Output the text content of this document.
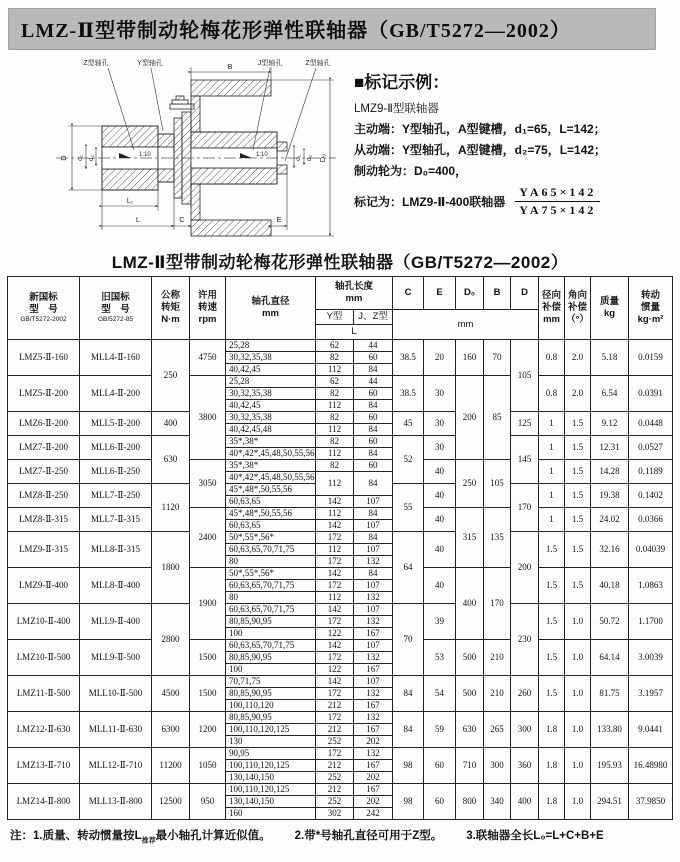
LMZ-Ⅱ型带制动轮梅花形弹性联轴器（GB/T5272—2002）
Z型轴孔	Y型轴孔	B	J型轴孔	Z型轴孔
D d₁ d₂	d₁ d₂ D₀
1:10	1:10
L₁
L	C	E
■标记示例：
LMZ9-Ⅱ型联轴器
主动端：Y型轴孔，A型键槽，d₁=65，L=142；
从动端：Y型轴孔，A型键槽，d₂=75，L=142；
制动轮为：D₀=400，
标记为：LMZ9-Ⅱ-400联轴器 $\frac{YA65\times 142}{YA75\times 142}$
LMZ-Ⅱ型带制动轮梅花形弹性联轴器（GB/T5272—2002）
新国标
型　号
GB/T5272-2002

旧国标
型　号
GB/5272-85

公称
转矩
N·m

许用
转速
rpm

轴孔直径
mm

轴孔长度
mm
	C	E	D₀	B	D	径向
补偿
mm

角向
补偿
（°）

质量
kg

转动
惯量
kg·m²

					Y型	J、Z型	mm								
					L										
LMZ5-Ⅱ-160	MLL4-Ⅱ-160	250	4750	25,28	62	44	38.5	20	160	70	105	0.8	2.0	5.18	0.0159
				30,32,35,38	82	60									
				40,42,45	112	84									
LMZ5-Ⅱ-200	MLL4-Ⅱ-200		3800	25,28	62	44	38.5	30	200	85		0.8	2.0	6.54	0.0391
				30,32,35,38	82	60									
				40,42,45	112	84									
LMZ6-Ⅱ-200	MLL5-Ⅱ-200	400		30,32,35,38	82	60	45	30			125	1	1.5	9.12	0.0448
				40,42,45,48	112	84									
LMZ7-Ⅱ-200	MLL6-Ⅱ-200	630		35*,38*	82	60	52	30			145	1	1.5	12.31	0.0527
				40*,42*,45,48,50,55,56	112	84									
LMZ7-Ⅱ-250	MLL6-Ⅱ-250		3050	35*,38*	82	60		40	250	105		1	1.5	14.28	0.1189
				40*,42*,45,48,50,55,56	112	84									
LMZ8-Ⅱ-250	MLL7-Ⅱ-250	1120		45*,48*,50,55,56			55	40			170	1	1.5	19.38	0.1402
				60,63,65	142	107									
LMZ8-Ⅱ-315	MLL7-Ⅱ-315		2400	45*,48*,50,55,56	112	84		40	315	135		1	1.5	24.02	0.0366
				60,63,65	142	107									
LMZ9-Ⅱ-315	MLL8-Ⅱ-315	1800		50*,55*,56*	172	84	64	40			200	1.5	1.5	32.16	0.04039
				60,63,65,70,71,75	112	107									
				80	172	132									
LMZ9-Ⅱ-400	MLL8-Ⅱ-400		1900	50*,55*,56*	142	84		40	400	170		1.5	1.5	40.18	1.0863
				60,63,65,70,71,75	172	107									
				80	112	132									
LMZ10-Ⅱ-400	MLL9-Ⅱ-400	2800		60,63,65,70,71,75	142	107	70	39			230	1.5	1.0	50.72	1.1700
				80,85,90,95	172	132									
				100	122	167									
LMZ10-Ⅱ-500	MLL9-Ⅱ-500		1500	60,63,65,70,71,75	142	107		53	500	210		1.5	1.0	64.14	3.0039
				80,85,90,95	172	132									
				100	122	167									
LMZ11-Ⅱ-500	MLL10-Ⅱ-500	4500	1500	70,71,75	142	107	84	54	500	210	260	1.5	1.0	81.75	3.1957
				80,85,90,95	172	132									
				100,110,120	212	167									
LMZ12-Ⅱ-630	MLL11-Ⅱ-630	6300	1200	80,85,90,95	172	132	84	59	630	265	300	1.8	1.0	133.80	9.0441
				100,110,120,125	212	167									
				130	252	202									
LMZ13-Ⅱ-710	MLL12-Ⅱ-710	11200	1050	90,95	172	132	98	60	710	300	360	1.8	1.0	195.93	16.48980
				100,110,120,125	212	167									
				130,140,150	252	202									
LMZ14-Ⅱ-800	MLL13-Ⅱ-800	12500	950	100,110,120,125	212	167	98	60	800	340	400	1.8	1.0	294.51	37.9850
				130,140,150	252	202									
				160	302	242									
注：1.质量、转动惯量按$L_{推荐}$最小轴孔计算近似值。 2.带*号轴孔直径可用于Z型。 3.联轴器全长L₀=L+C+B+E
